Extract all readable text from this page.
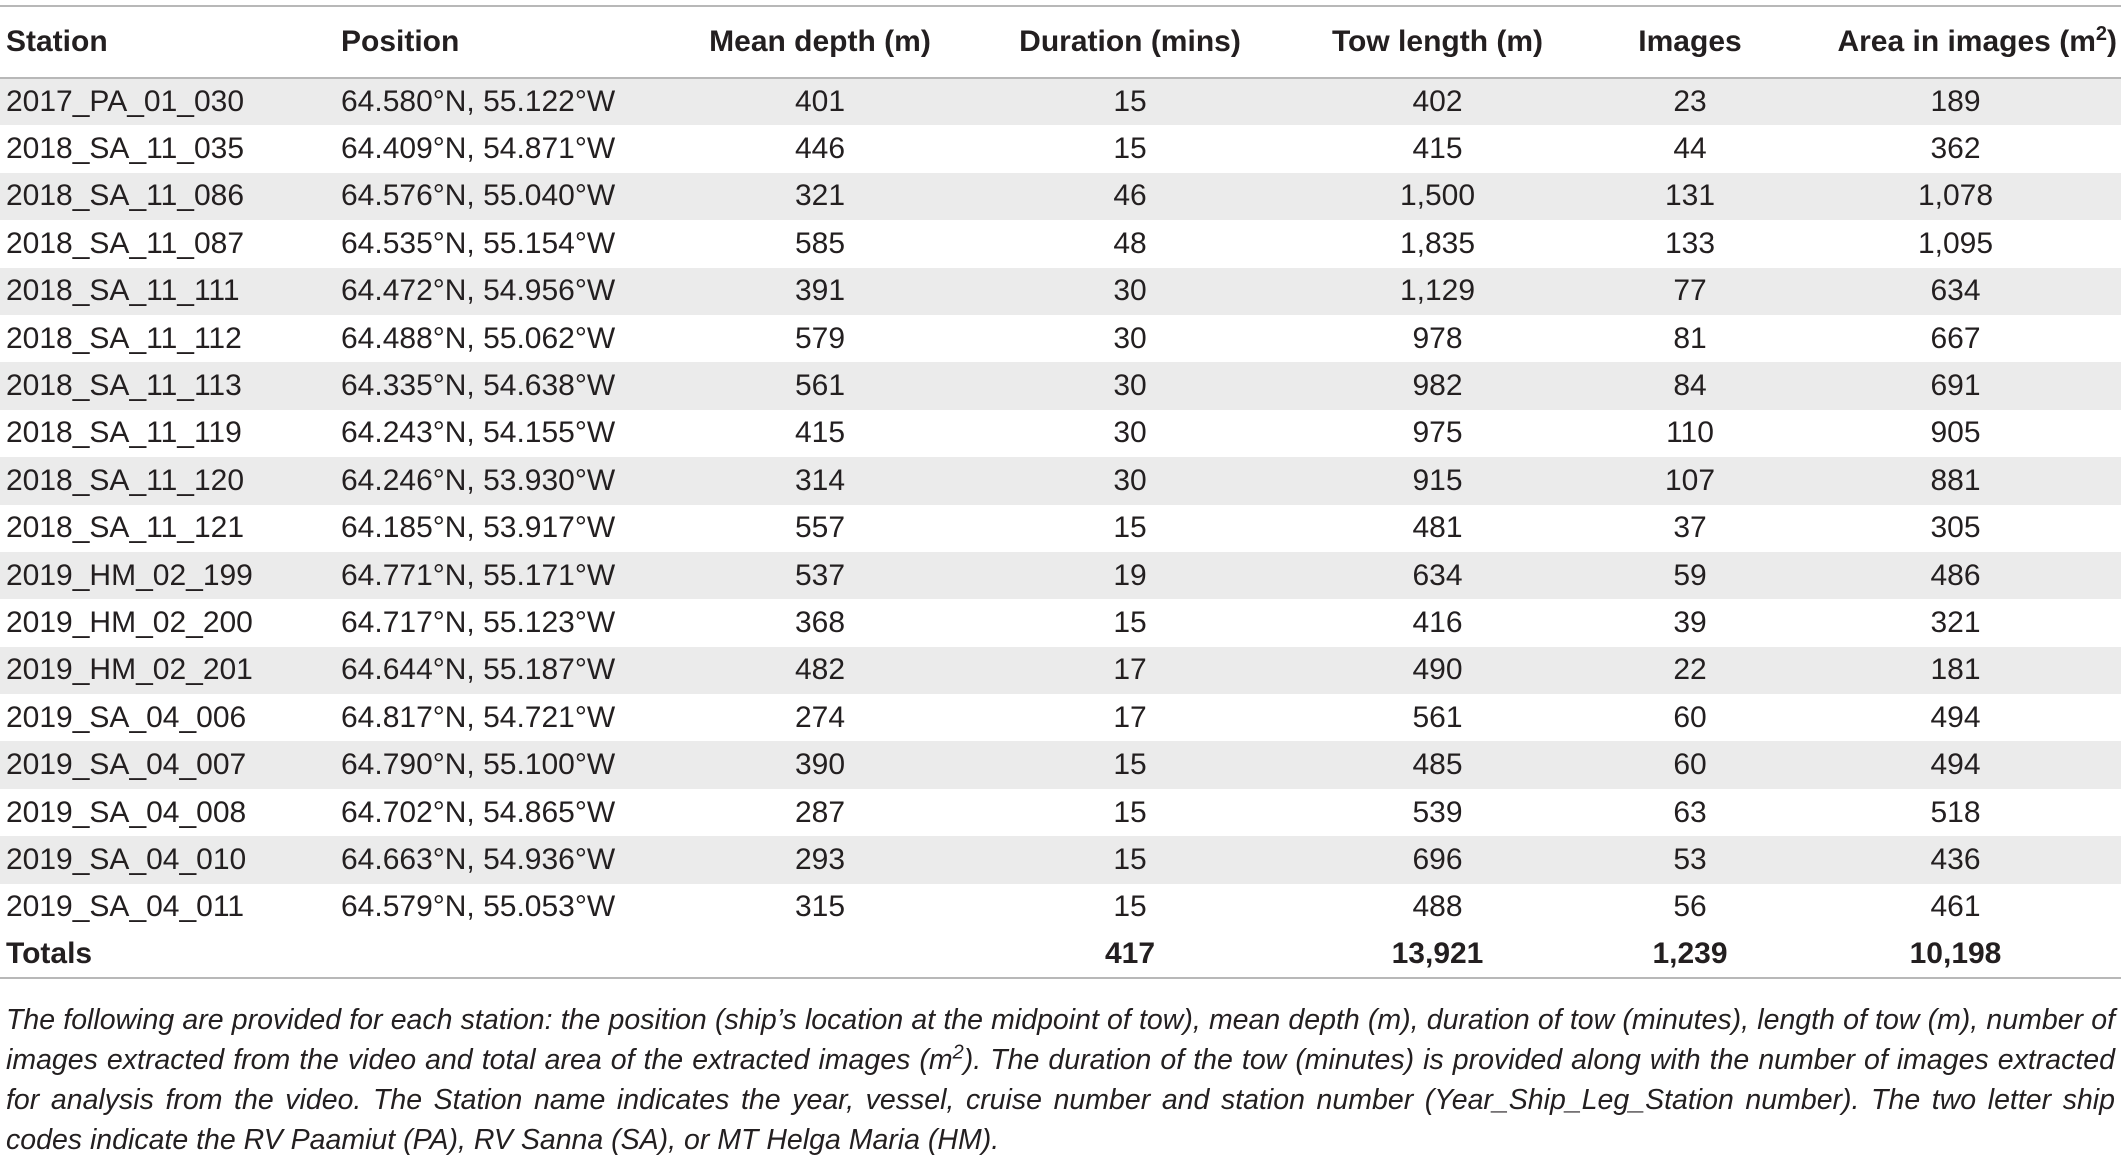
Station	Position	Mean depth (m)	Duration (mins)	Tow length (m)	Images	Area in images $(m^2)$
2017_PA_01_030	64.580°N, 55.122°W	401	15	402	23	189
2018_SA_11_035	64.409°N, 54.871°W	446	15	415	44	362
2018_SA_11_086	64.576°N, 55.040°W	321	46	1,500	131	1,078
2018_SA_11_087	64.535°N, 55.154°W	585	48	1,835	133	1,095
2018_SA_11_111	64.472°N, 54.956°W	391	30	1,129	77	634
2018_SA_11_112	64.488°N, 55.062°W	579	30	978	81	667
2018_SA_11_113	64.335°N, 54.638°W	561	30	982	84	691
2018_SA_11_119	64.243°N, 54.155°W	415	30	975	110	905
2018_SA_11_120	64.246°N, 53.930°W	314	30	915	107	881
2018_SA_11_121	64.185°N, 53.917°W	557	15	481	37	305
2019_HM_02_199	64.771°N, 55.171°W	537	19	634	59	486
2019_HM_02_200	64.717°N, 55.123°W	368	15	416	39	321
2019_HM_02_201	64.644°N, 55.187°W	482	17	490	22	181
2019_SA_04_006	64.817°N, 54.721°W	274	17	561	60	494
2019_SA_04_007	64.790°N, 55.100°W	390	15	485	60	494
2019_SA_04_008	64.702°N, 54.865°W	287	15	539	63	518
2019_SA_04_010	64.663°N, 54.936°W	293	15	696	53	436
2019_SA_04_011	64.579°N, 55.053°W	315	15	488	56	461
Totals			417	13,921	1,239	10,198
The following are provided for each station: the position (ship’s location at the midpoint of tow), mean depth (m), duration of tow (minutes), length of tow (m), number of images extracted from the video and total area of the extracted images $(m^2)$. The duration of the tow (minutes) is provided along with the number of images extracted for analysis from the video. The Station name indicates the year, vessel, cruise number and station number (Year_Ship_Leg_Station number). The two letter ship codes indicate the RV Paamiut (PA), RV Sanna (SA), or MT Helga Maria (HM).
